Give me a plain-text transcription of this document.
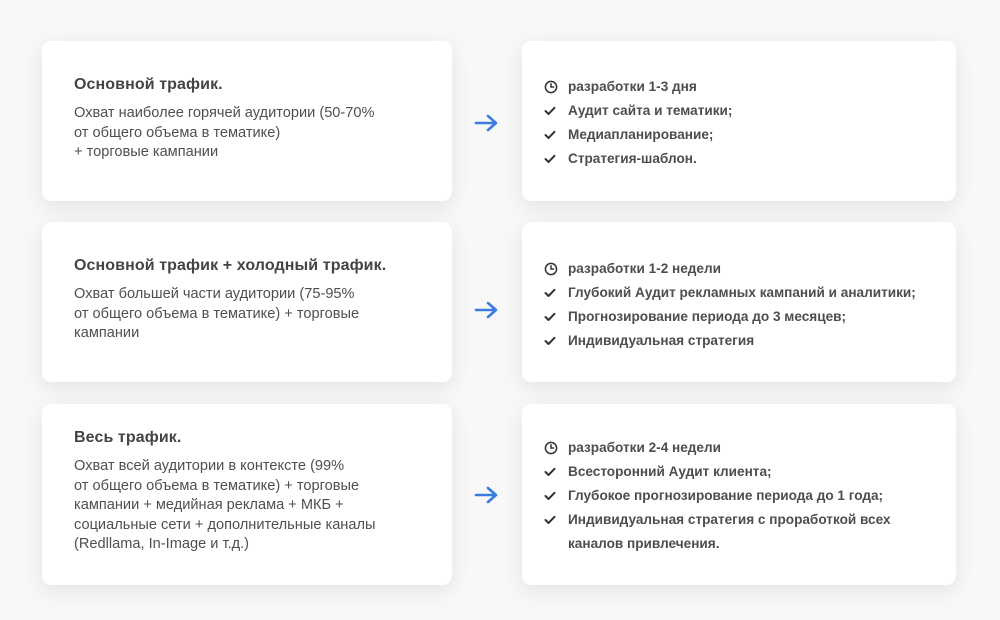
Основной трафик.
Охват наиболее горячей аудитории (50-70%
от общего объема в тематике)
+ торговые кампании
разработки 1-3 дня
Аудит сайта и тематики;
Медиапланирование;
Стратегия-шаблон.
Основной трафик + холодный трафик.
Охват большей части аудитории (75-95%
от общего объема в тематике) + торговые
кампании
разработки 1-2 недели
Глубокий Аудит рекламных кампаний и аналитики;
Прогнозирование периода до 3 месяцев;
Индивидуальная стратегия
Весь трафик.
Охват всей аудитории в контексте (99%
от общего объема в тематике) + торговые
кампании + медийная реклама + МКБ +
социальные сети + дополнительные каналы
(Redllama, In-Image и т.д.)
разработки 2-4 недели
Всесторонний Аудит клиента;
Глубокое прогнозирование периода до 1 года;
Индивидуальная стратегия с проработкой всех каналов привлечения.
